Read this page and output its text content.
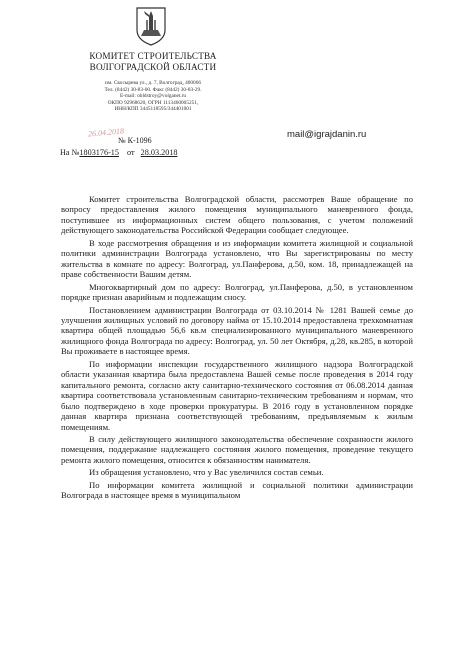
КОМИТЕТ СТРОИТЕЛЬСТВА
ВОЛГОГРАДСКОЙ ОБЛАСТИ
им. Скосырева ул., д. 7, Волгоград, 400066
Тел. (8442) 30-83-00. Факс (8442) 30-83-29.
E-mail: obldstroy@volganet.ru
ОКПО 92968620, ОГРН 1113460005251,
ИНН/КПП 3445118595/344401001
mail@igrajdanin.ru
26.04.2018
№ К-1096
На №1803176-15 от 28.03.2018

Комитет строительства Волгоградской области, рассмотрев Ваше обращение по вопросу предоставления жилого помещения муниципального маневренного фонда, поступившее из информационных систем общего пользования, с учетом положений действующего законодательства Российской Федерации сообщает следующее.

В ходе рассмотрения обращения и из информации комитета жилищной и социальной политики администрации Волгограда установлено, что Вы зарегистрированы по месту жительства в комнате по адресу: Волгоград, ул.Панферова, д.50, ком. 18, принадлежащей на праве собственности Вашим детям.

Многоквартирный дом по адресу: Волгоград, ул.Панферова, д.50, в установленном порядке признан аварийным и подлежащим сносу.

Постановлением администрации Волгограда от 03.10.2014 № 1281 Вашей семье до улучшения жилищных условий по договору найма от 15.10.2014 предоставлена трехкомнатная квартира общей площадью 56,6 кв.м специализированного муниципального маневренного жилищного фонда Волгограда по адресу: Волгоград, ул. 50 лет Октября, д.28, кв.285, в которой Вы проживаете в настоящее время.

По информации инспекции государственного жилищного надзора Волгоградской области указанная квартира была предоставлена Вашей семье после проведения в 2014 году капитального ремонта, согласно акту санитарно-технического состояния от 06.08.2014 данная квартира соответствовала установленным санитарно-техническим требованиям и нормам, что было подтверждено в ходе проверки прокуратуры. В 2016 году в установленном порядке данная квартира признана соответствующей требованиям, предъявляемым к жилым помещениям.

В силу действующего жилищного законодательства обеспечение сохранности жилого помещения, поддержание надлежащего состояния жилого помещения, проведение текущего ремонта жилого помещения, относится к обязанностям нанимателя.

Из обращения установлено, что у Вас увеличился состав семьи.

По информации комитета жилищной и социальной политики администрации Волгограда в настоящее время в муниципальном
